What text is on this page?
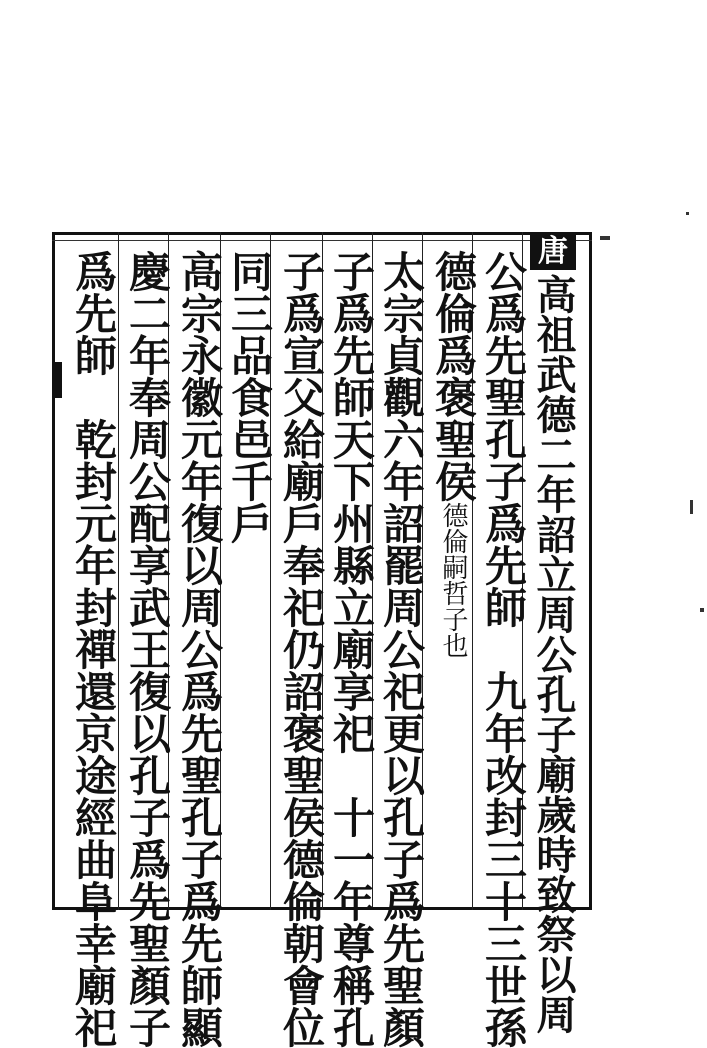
唐
高祖武德二年詔立周公孔子廟歲時致祭以周
公爲先聖孔子爲先師　九年改封三十三世孫
德倫爲褒聖侯德倫嗣哲子也
太宗貞觀六年詔罷周公祀更以孔子爲先聖顏
子爲先師天下州縣立廟享祀　十一年尊稱孔
子爲宣父給廟戶奉祀仍詔褒聖侯德倫朝會位
同三品食邑千戶
高宗永徽元年復以周公爲先聖孔子爲先師顯
慶二年奉周公配享武王復以孔子爲先聖顏子
爲先師　乾封元年封禪還京途經曲阜幸廟祀
